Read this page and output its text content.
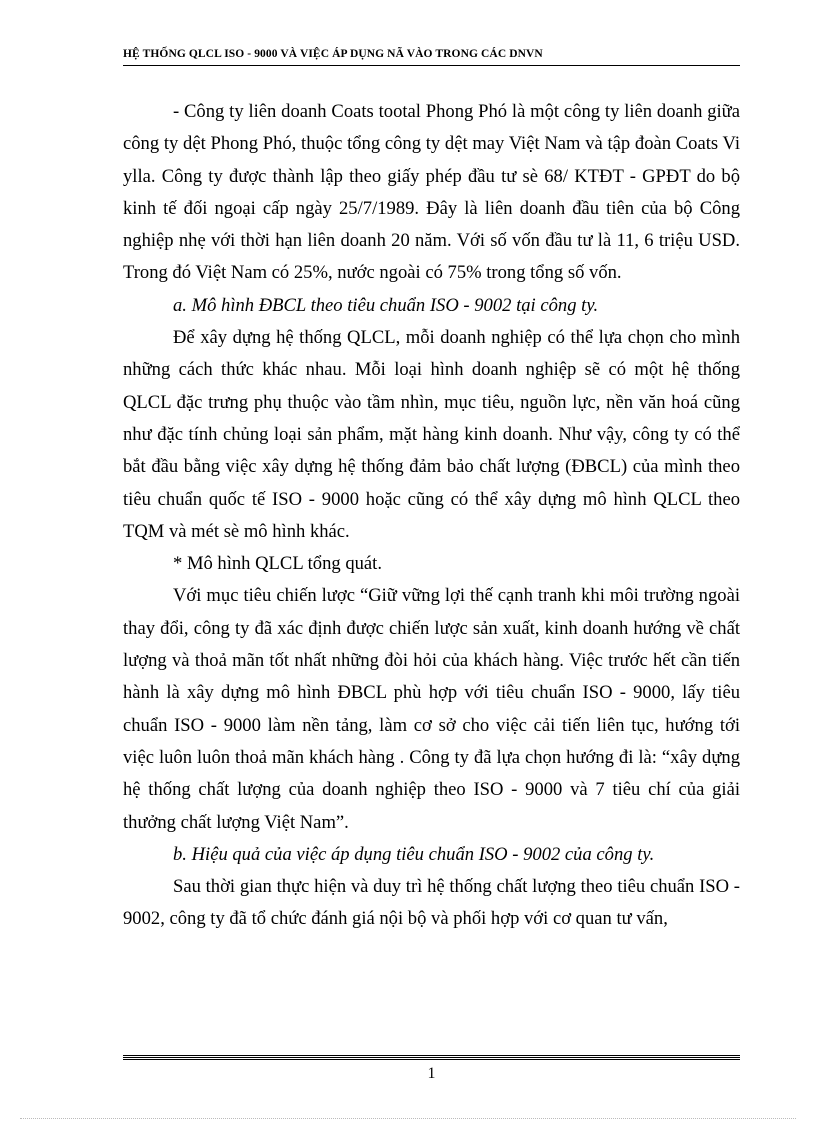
HỆ THỐNG QLCL ISO - 9000 VÀ VIỆC ÁP DỤNG NÃ VÀO TRONG CÁC DNVN

- Công ty liên doanh Coats tootal Phong Phó là một công ty liên doanh giữa công ty dệt Phong Phó, thuộc tổng công ty dệt may Việt Nam và tập đoàn Coats Vi ylla. Công ty được thành lập theo giấy phép đầu tư sè 68/ KTĐT - GPĐT do bộ kinh tế đối ngoại cấp ngày 25/7/1989. Đây là liên doanh đầu tiên của bộ Công nghiệp nhẹ với thời hạn liên doanh 20 năm. Với số vốn đầu tư là 11, 6 triệu USD. Trong đó Việt Nam có 25%, nước ngoài có 75% trong tổng số vốn.

a. Mô hình ĐBCL theo tiêu chuẩn ISO - 9002 tại công ty.

Để xây dựng hệ thống QLCL, mỗi doanh nghiệp có thể lựa chọn cho mình những cách thức khác nhau. Mỗi loại hình doanh nghiệp sẽ có một hệ thống QLCL đặc trưng phụ thuộc vào tầm nhìn, mục tiêu, nguồn lực, nền văn hoá cũng như đặc tính chủng loại sản phẩm, mặt hàng kinh doanh. Như vậy, công ty có thể bắt đầu bằng việc xây dựng hệ thống đảm bảo chất lượng (ĐBCL) của mình theo tiêu chuẩn quốc tế ISO - 9000 hoặc cũng có thể xây dựng mô hình QLCL theo TQM và mét sè mô hình khác.

* Mô hình QLCL tổng quát.

Với mục tiêu chiến lược “Giữ vững lợi thế cạnh tranh khi môi trường ngoài thay đổi, công ty đã xác định được chiến lược sản xuất, kinh doanh hướng về chất lượng và thoả mãn tốt nhất những đòi hỏi của khách hàng. Việc trước hết cần tiến hành là xây dựng mô hình ĐBCL phù hợp với tiêu chuẩn ISO - 9000, lấy tiêu chuẩn ISO - 9000 làm nền tảng, làm cơ sở cho việc cải tiến liên tục, hướng tới việc luôn luôn thoả mãn khách hàng . Công ty đã lựa chọn hướng đi là: “xây dựng hệ thống chất lượng của doanh nghiệp theo ISO - 9000 và 7 tiêu chí của giải thưởng chất lượng Việt Nam”.

b. Hiệu quả của việc áp dụng tiêu chuẩn ISO - 9002 của công ty.

Sau thời gian thực hiện và duy trì hệ thống chất lượng theo tiêu chuẩn ISO - 9002, công ty đã tổ chức đánh giá nội bộ và phối hợp với cơ quan tư vấn,

1
